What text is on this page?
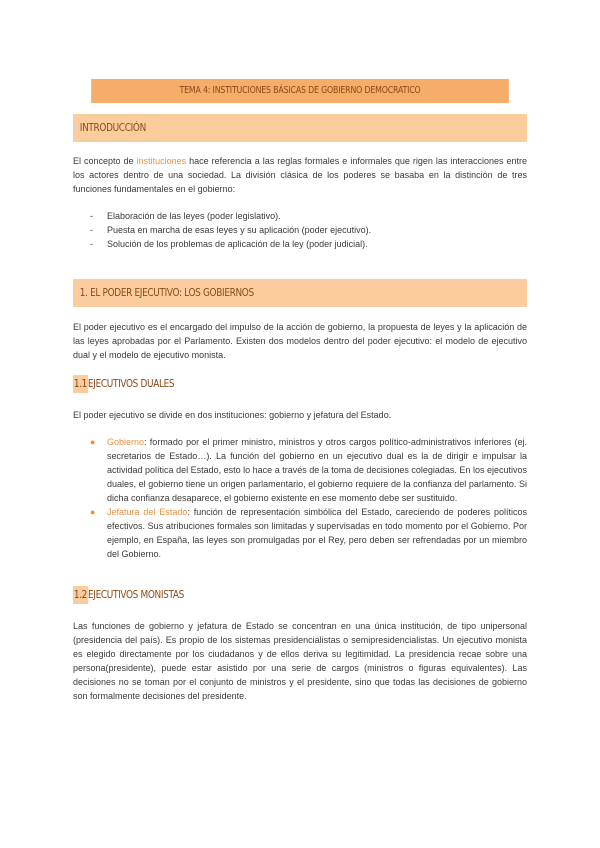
TEMA 4: INSTITUCIONES BÁSICAS DE GOBIERNO DEMOCRATICO
INTRODUCCIÓN
El concepto de instituciones hace referencia a las reglas formales e informales que rigen las interacciones entre los actores dentro de una sociedad. La división clásica de los poderes se basaba en la distinción de tres funciones fundamentales en el gobierno:
- Elaboración de las leyes (poder legislativo).
- Puesta en marcha de esas leyes y su aplicación (poder ejecutivo).
- Solución de los problemas de aplicación de la ley (poder judicial).
1. EL PODER EJECUTIVO: LOS GOBIERNOS
El poder ejecutivo es el encargado del impulso de la acción de gobierno, la propuesta de leyes y la aplicación de las leyes aprobadas por el Parlamento. Existen dos modelos dentro del poder ejecutivo: el modelo de ejecutivo dual y el modelo de ejecutivo monista.
1.1EJECUTIVOS DUALES
El poder ejecutivo se divide en dos instituciones: gobierno y jefatura del Estado.
● Gobierno: formado por el primer ministro, ministros y otros cargos político-administrativos inferiores (ej. secretarios de Estado…). La función del gobierno en un ejecutivo dual es la de dirigir e impulsar la actividad política del Estado, esto lo hace a través de la toma de decisiones colegiadas. En los ejecutivos duales, el gobierno tiene un origen parlamentario, el gobierno requiere de la confianza del parlamento. Si dicha confianza desaparece, el gobierno existente en ese momento debe ser sustituido.
● Jefatura del Estado: función de representación simbólica del Estado, careciendo de poderes políticos efectivos. Sus atribuciones formales son limitadas y supervisadas en todo momento por el Gobierno. Por ejemplo, en España, las leyes son promulgadas por el Rey, pero deben ser refrendadas por un miembro del Gobierno.
1.2EJECUTIVOS MONISTAS
Las funciones de gobierno y jefatura de Estado se concentran en una única institución, de tipo unipersonal (presidencia del país). Es propio de los sistemas presidencialistas o semipresidencialistas. Un ejecutivo monista es elegido directamente por los ciudadanos y de ellos deriva su legitimidad. La presidencia recae sobre una persona(presidente), puede estar asistido por una serie de cargos (ministros o figuras equivalentes). Las decisiones no se toman por el conjunto de ministros y el presidente, sino que todas las decisiones de gobierno son formalmente decisiones del presidente.
